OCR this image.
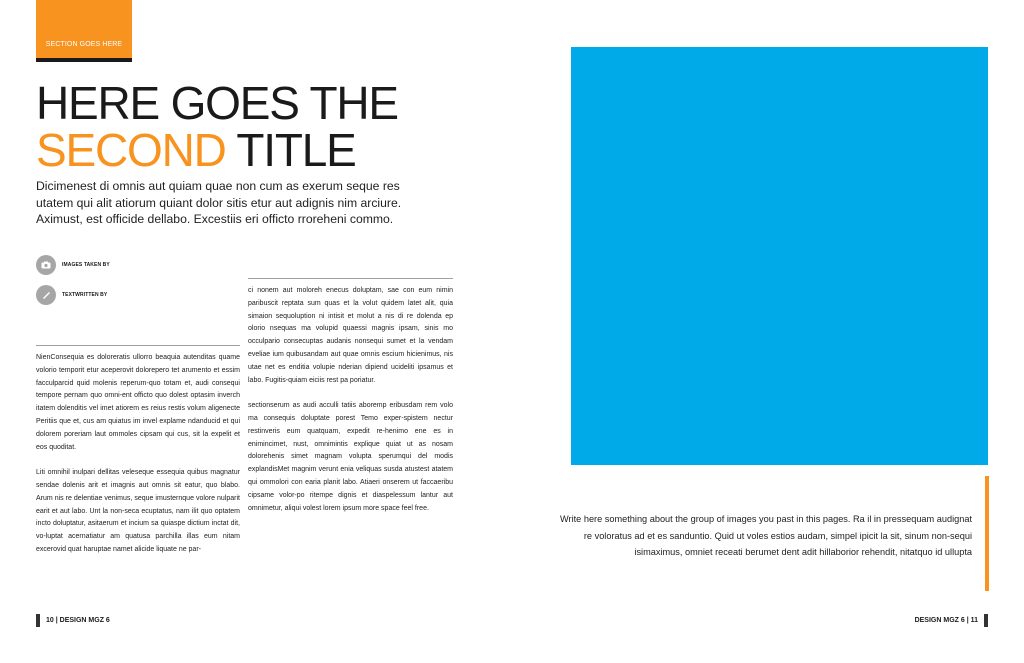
SECTION GOES HERE
HERE GOES THE
SECOND TITLE
Dicimenest di omnis aut quiam quae non cum as exerum seque res utatem qui alit atiorum quiant dolor sitis etur aut adignis nim arciure. Aximust, est officide dellabo. Excestiis eri officto rroreheni commo.
IMAGES TAKEN BY
TEXTWRITTEN BY

NienConsequia es doloreratis ullorro beaquia autenditas quame volorio temporit etur aceperovit dolorepero tet arumento et essim facculparcid quid molenis reperum-quo totam et, audi consequi tempore pernam quo omni-ent officto quo dolest optasim inverch itatem dolenditis vel imet atiorem es reius restis volum aligenecte Peritiis que et, cus am quiatus im invel explame ndanducid et qui dolorem poreriam laut ommoles cipsam qui cus, sit la expelit et eos quoditat.

Liti omnihil inulpari dellitas veleseque essequia quibus magnatur sendae dolenis arit et imagnis aut omnis sit eatur, quo blabo. Arum nis re delentiae venimus, seque imusternque volore nulparit earit et aut labo. Unt la non-seca ecuptatus, nam ilit quo optatem incto doluptatur, asitaerum et incium sa quiaspe dictium inctat dit, vo-luptat acernatiatur am quatusa parchilla illas eum nitam excerovid quat haruptae namet alicide liquate ne par-

ci nonem aut moloreh enecus doluptam, sae con eum nimin paribuscit reptata sum quas et la volut quidem latet alit, quia simaion sequoluption ni intisit et molut a nis di re dolenda ep olorio nsequas ma volupid quaessi magnis ipsam, sinis mo occulpario consecuptas audanis nonsequi sumet et la vendam eveliae ium quibusandam aut quae omnis escium hicienimus, nis utae net es enditia volupie nderian dipiend ucideliti ipsamus et labo. Fugitis-quiam eiciis rest pa poriatur.

sectionserum as audi acculli tatiis aboremp eribusdam rem volo ma consequis doluptate porest Temo exper-spistem nectur restinveris eum quatquam, expedit re-henimo ene es in enimincimet, nust, omnimintis explique quiat ut as nosam dolorehenis simet magnam volupta sperumqui del modis explandisMet magnim verunt enia veliquas susda atustest atatem qui ommolori con earia planit labo. Atiaeri onserem ut faccaeribu cipsame volor-po ritempe dignis et diaspelessum lantur aut omnimetur, aliqui volest lorem ipsum more space feel free.

10 | DESIGN MGZ 6
Write here something about the group of images you past in this pages. Ra il in pressequam audignat re voloratus ad et es sanduntio. Quid ut voles estios audam, simpel ipicit la sit, sinum non-sequi isimaximus, omniet receati berumet dent adit hillaborior rehendit, nitatquo id ullupta
DESIGN MGZ 6 | 11
